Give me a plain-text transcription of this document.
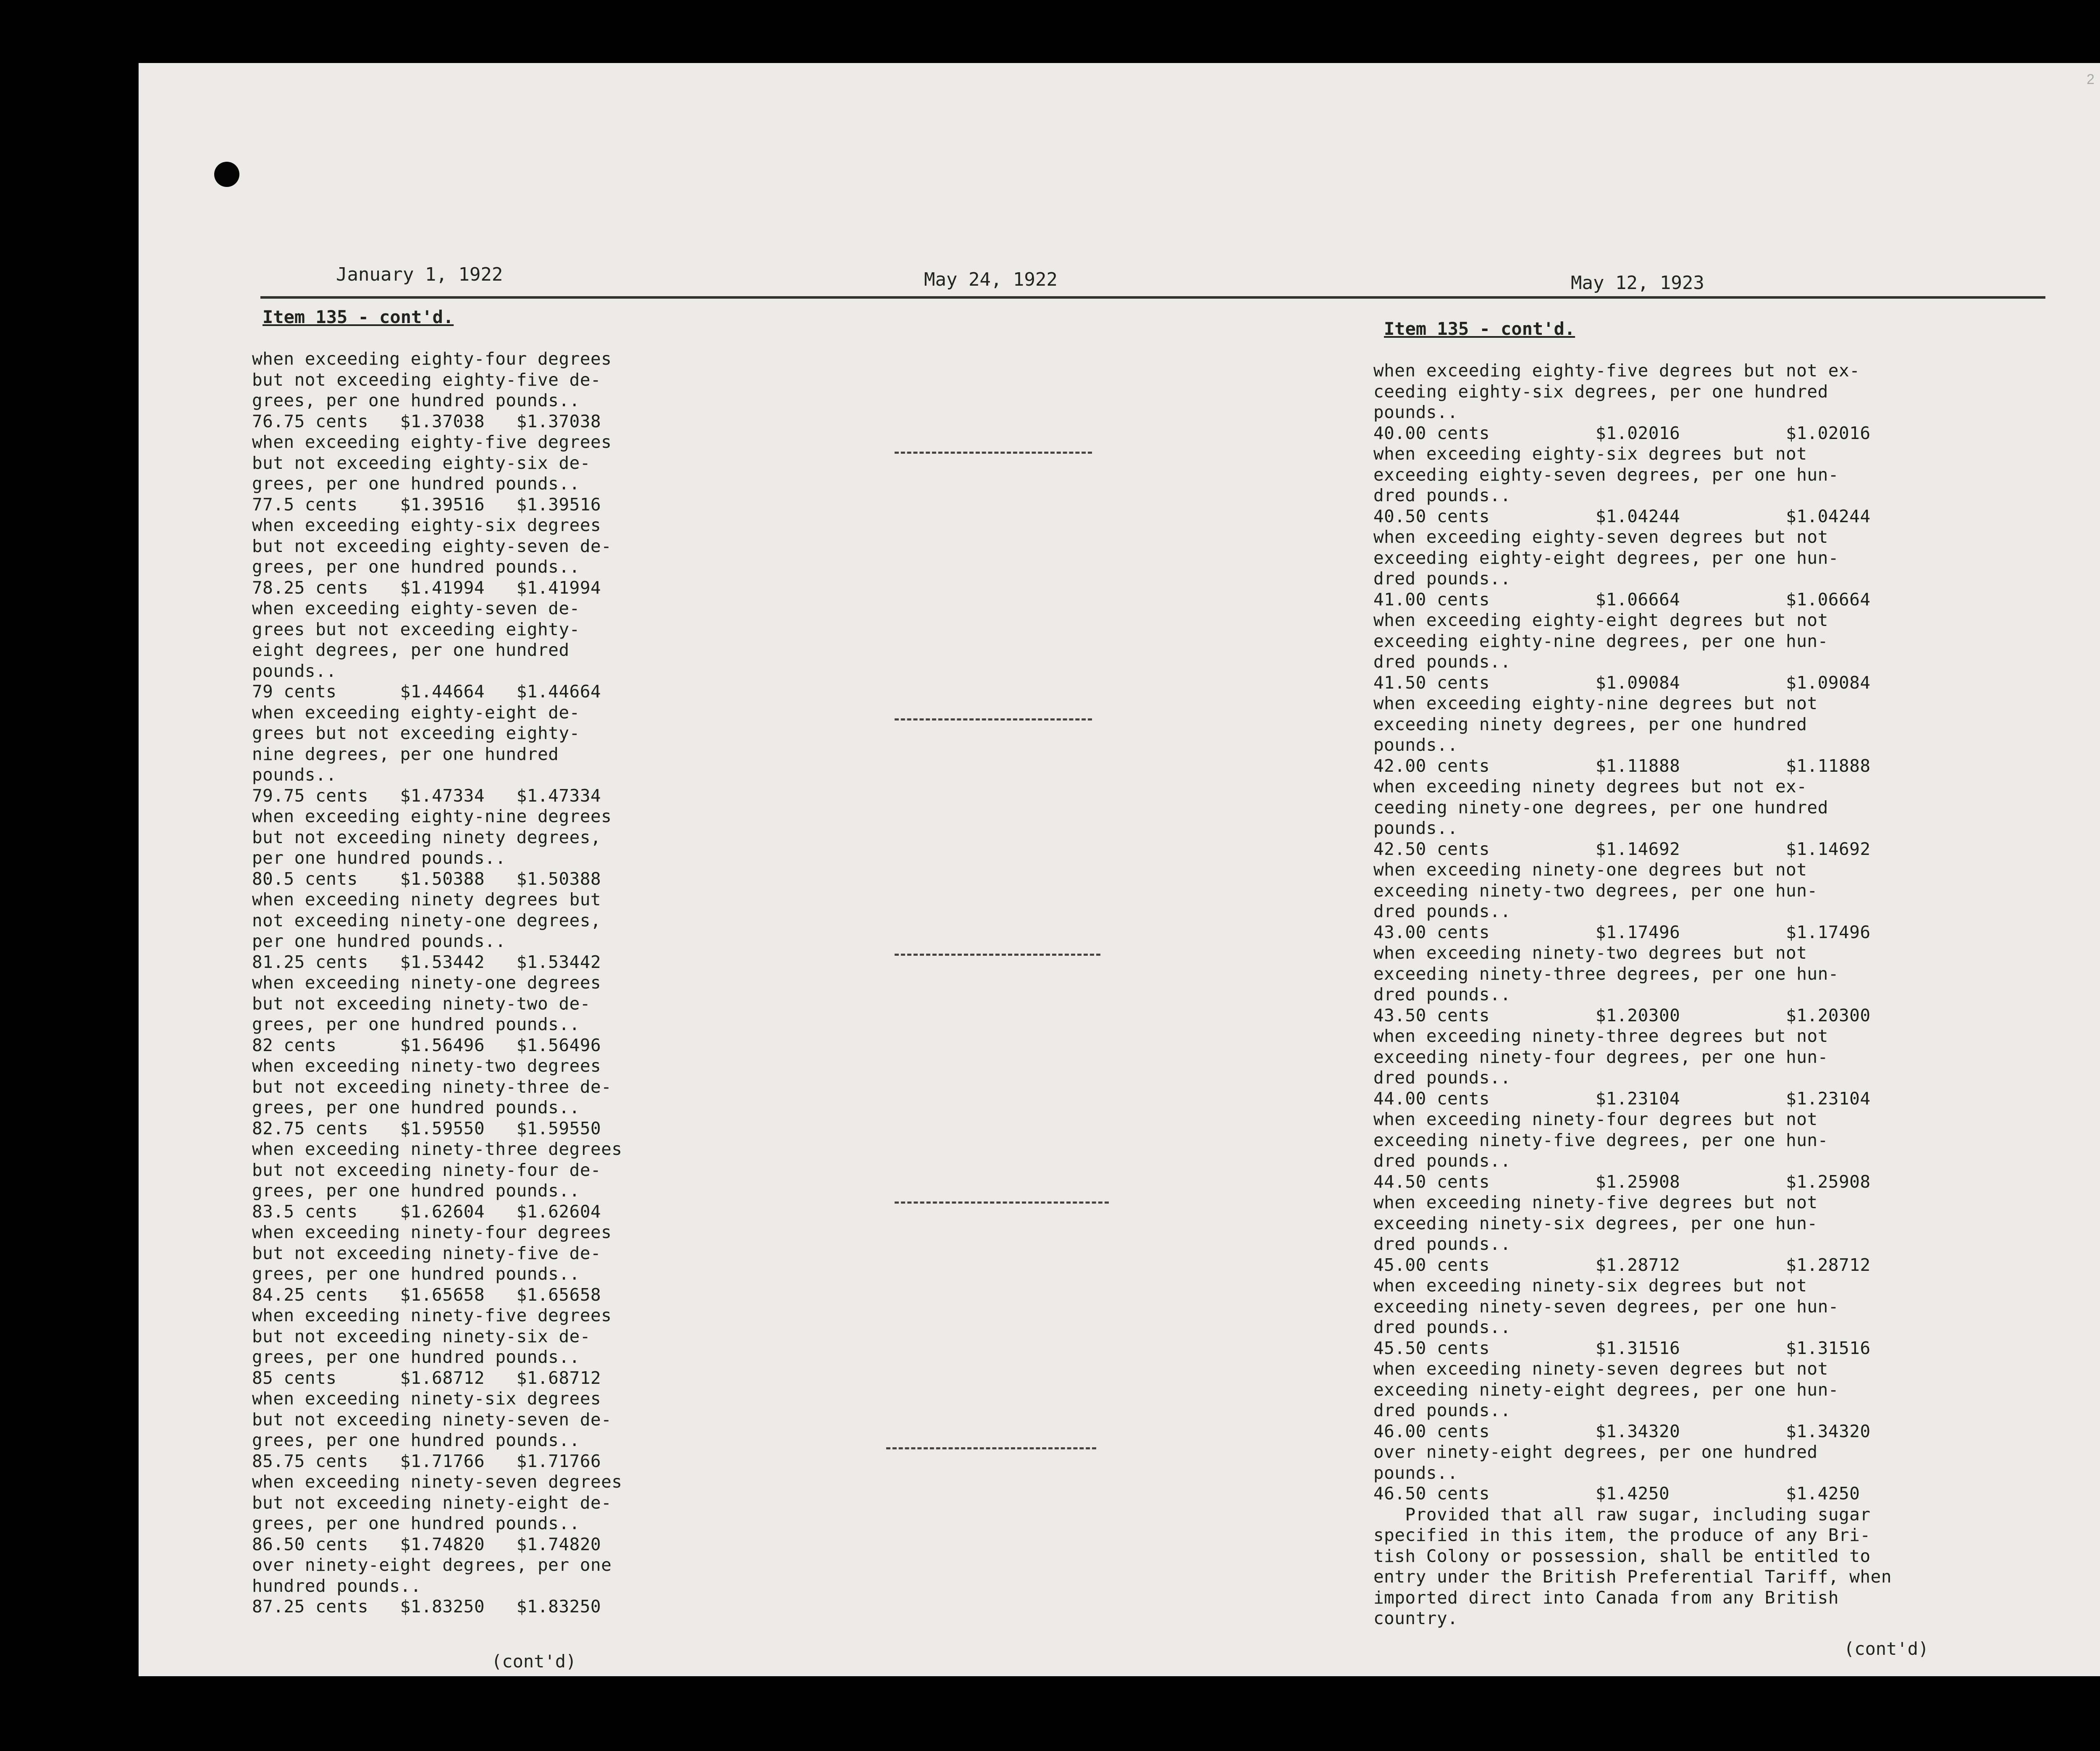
2
January 1, 1922	May 24, 1922	May 12, 1923
Item 135 - cont'd.
when exceeding eighty-four degrees
but not exceeding eighty-five de-
grees, per one hundred pounds..
76.75 cents   $1.37038   $1.37038
when exceeding eighty-five degrees
but not exceeding eighty-six de-
grees, per one hundred pounds..
77.5 cents    $1.39516   $1.39516
when exceeding eighty-six degrees
but not exceeding eighty-seven de-
grees, per one hundred pounds..
78.25 cents   $1.41994   $1.41994
when exceeding eighty-seven de-
grees but not exceeding eighty-
eight degrees, per one hundred
pounds..
79 cents      $1.44664   $1.44664
when exceeding eighty-eight de-
grees but not exceeding eighty-
nine degrees, per one hundred
pounds..
79.75 cents   $1.47334   $1.47334
when exceeding eighty-nine degrees
but not exceeding ninety degrees,
per one hundred pounds..
80.5 cents    $1.50388   $1.50388
when exceeding ninety degrees but
not exceeding ninety-one degrees,
per one hundred pounds..
81.25 cents   $1.53442   $1.53442
when exceeding ninety-one degrees
but not exceeding ninety-two de-
grees, per one hundred pounds..
82 cents      $1.56496   $1.56496
when exceeding ninety-two degrees
but not exceeding ninety-three de-
grees, per one hundred pounds..
82.75 cents   $1.59550   $1.59550
when exceeding ninety-three degrees
but not exceeding ninety-four de-
grees, per one hundred pounds..
83.5 cents    $1.62604   $1.62604
when exceeding ninety-four degrees
but not exceeding ninety-five de-
grees, per one hundred pounds..
84.25 cents   $1.65658   $1.65658
when exceeding ninety-five degrees
but not exceeding ninety-six de-
grees, per one hundred pounds..
85 cents      $1.68712   $1.68712
when exceeding ninety-six degrees
but not exceeding ninety-seven de-
grees, per one hundred pounds..
85.75 cents   $1.71766   $1.71766
when exceeding ninety-seven degrees
but not exceeding ninety-eight de-
grees, per one hundred pounds..
86.50 cents   $1.74820   $1.74820
over ninety-eight degrees, per one
hundred pounds..
87.25 cents   $1.83250   $1.83250
(cont'd)
Item 135 - cont'd.
when exceeding eighty-five degrees but not ex-
ceeding eighty-six degrees, per one hundred
pounds..
40.00 cents          $1.02016          $1.02016
when exceeding eighty-six degrees but not
exceeding eighty-seven degrees, per one hun-
dred pounds..
40.50 cents          $1.04244          $1.04244
when exceeding eighty-seven degrees but not
exceeding eighty-eight degrees, per one hun-
dred pounds..
41.00 cents          $1.06664          $1.06664
when exceeding eighty-eight degrees but not
exceeding eighty-nine degrees, per one hun-
dred pounds..
41.50 cents          $1.09084          $1.09084
when exceeding eighty-nine degrees but not
exceeding ninety degrees, per one hundred
pounds..
42.00 cents          $1.11888          $1.11888
when exceeding ninety degrees but not ex-
ceeding ninety-one degrees, per one hundred
pounds..
42.50 cents          $1.14692          $1.14692
when exceeding ninety-one degrees but not
exceeding ninety-two degrees, per one hun-
dred pounds..
43.00 cents          $1.17496          $1.17496
when exceeding ninety-two degrees but not
exceeding ninety-three degrees, per one hun-
dred pounds..
43.50 cents          $1.20300          $1.20300
when exceeding ninety-three degrees but not
exceeding ninety-four degrees, per one hun-
dred pounds..
44.00 cents          $1.23104          $1.23104
when exceeding ninety-four degrees but not
exceeding ninety-five degrees, per one hun-
dred pounds..
44.50 cents          $1.25908          $1.25908
when exceeding ninety-five degrees but not
exceeding ninety-six degrees, per one hun-
dred pounds..
45.00 cents          $1.28712          $1.28712
when exceeding ninety-six degrees but not
exceeding ninety-seven degrees, per one hun-
dred pounds..
45.50 cents          $1.31516          $1.31516
when exceeding ninety-seven degrees but not
exceeding ninety-eight degrees, per one hun-
dred pounds..
46.00 cents          $1.34320          $1.34320
over ninety-eight degrees, per one hundred
pounds..
46.50 cents          $1.4250           $1.4250
Provided that all raw sugar, including sugar
specified in this item, the produce of any Bri-
tish Colony or possession, shall be entitled to
entry under the British Preferential Tariff, when
imported direct into Canada from any British
country.
(cont'd)
